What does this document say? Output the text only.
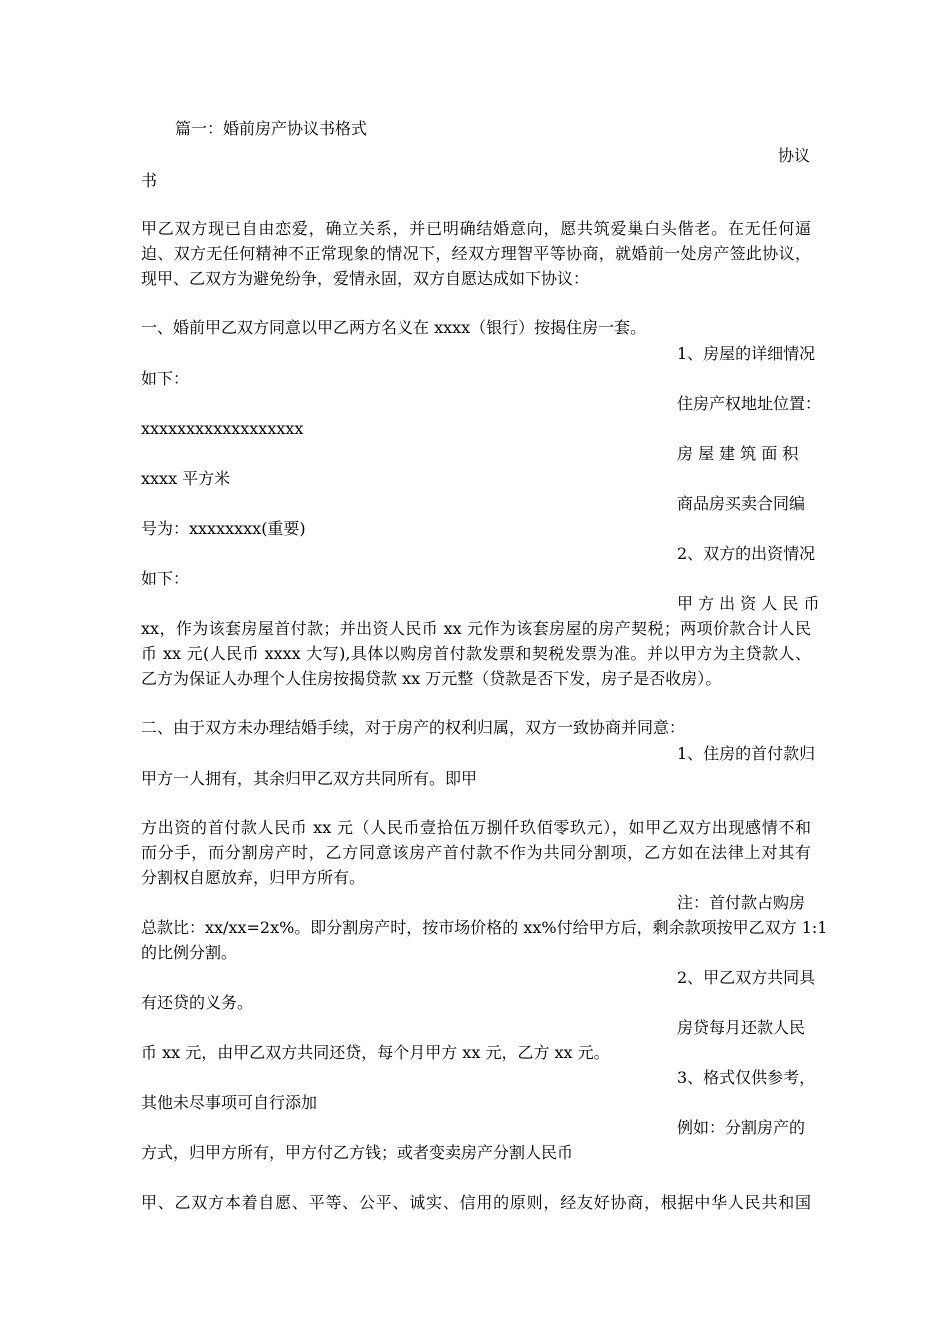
篇一：婚前房产协议书格式
协议
书
甲乙双方现已自由恋爱，确立关系，并已明确结婚意向，愿共筑爱巢白头偕老。在无任何逼
迫、双方无任何精神不正常现象的情况下，经双方理智平等协商，就婚前一处房产签此协议，
现甲、乙双方为避免纷争，爱情永固，双方自愿达成如下协议：
一、婚前甲乙双方同意以甲乙两方名义在 xxxx（银行）按揭住房一套。
1、房屋的详细情况
如下：
住房产权地址位置：
xxxxxxxxxxxxxxxxxx
房 屋 建 筑 面 积
xxxx 平方米
商品房买卖合同编
号为：xxxxxxxx(重要)
2、双方的出资情况
如下：
甲 方 出 资 人 民 币
xx，作为该套房屋首付款；并出资人民币 xx 元作为该套房屋的房产契税；两项价款合计人民
币 xx 元(人民币 xxxx 大写),具体以购房首付款发票和契税发票为准。并以甲方为主贷款人、
乙方为保证人办理个人住房按揭贷款 xx 万元整（贷款是否下发，房子是否收房）。
二、由于双方未办理结婚手续，对于房产的权利归属，双方一致协商并同意：
1、住房的首付款归
甲方一人拥有，其余归甲乙双方共同所有。即甲
方出资的首付款人民币 xx 元（人民币壹拾伍万捌仟玖佰零玖元），如甲乙双方出现感情不和
而分手，而分割房产时，乙方同意该房产首付款不作为共同分割项，乙方如在法律上对其有
分割权自愿放弃，归甲方所有。
注：首付款占购房
总款比：xx/xx=2x%。即分割房产时，按市场价格的 xx%付给甲方后，剩余款项按甲乙双方 1:1
的比例分割。
2、甲乙双方共同具
有还贷的义务。
房贷每月还款人民
币 xx 元，由甲乙双方共同还贷，每个月甲方 xx 元，乙方 xx 元。
3、格式仅供参考，
其他未尽事项可自行添加
例如：分割房产的
方式，归甲方所有，甲方付乙方钱；或者变卖房产分割人民币
甲、乙双方本着自愿、平等、公平、诚实、信用的原则，经友好协商，根据中华人民共和国
